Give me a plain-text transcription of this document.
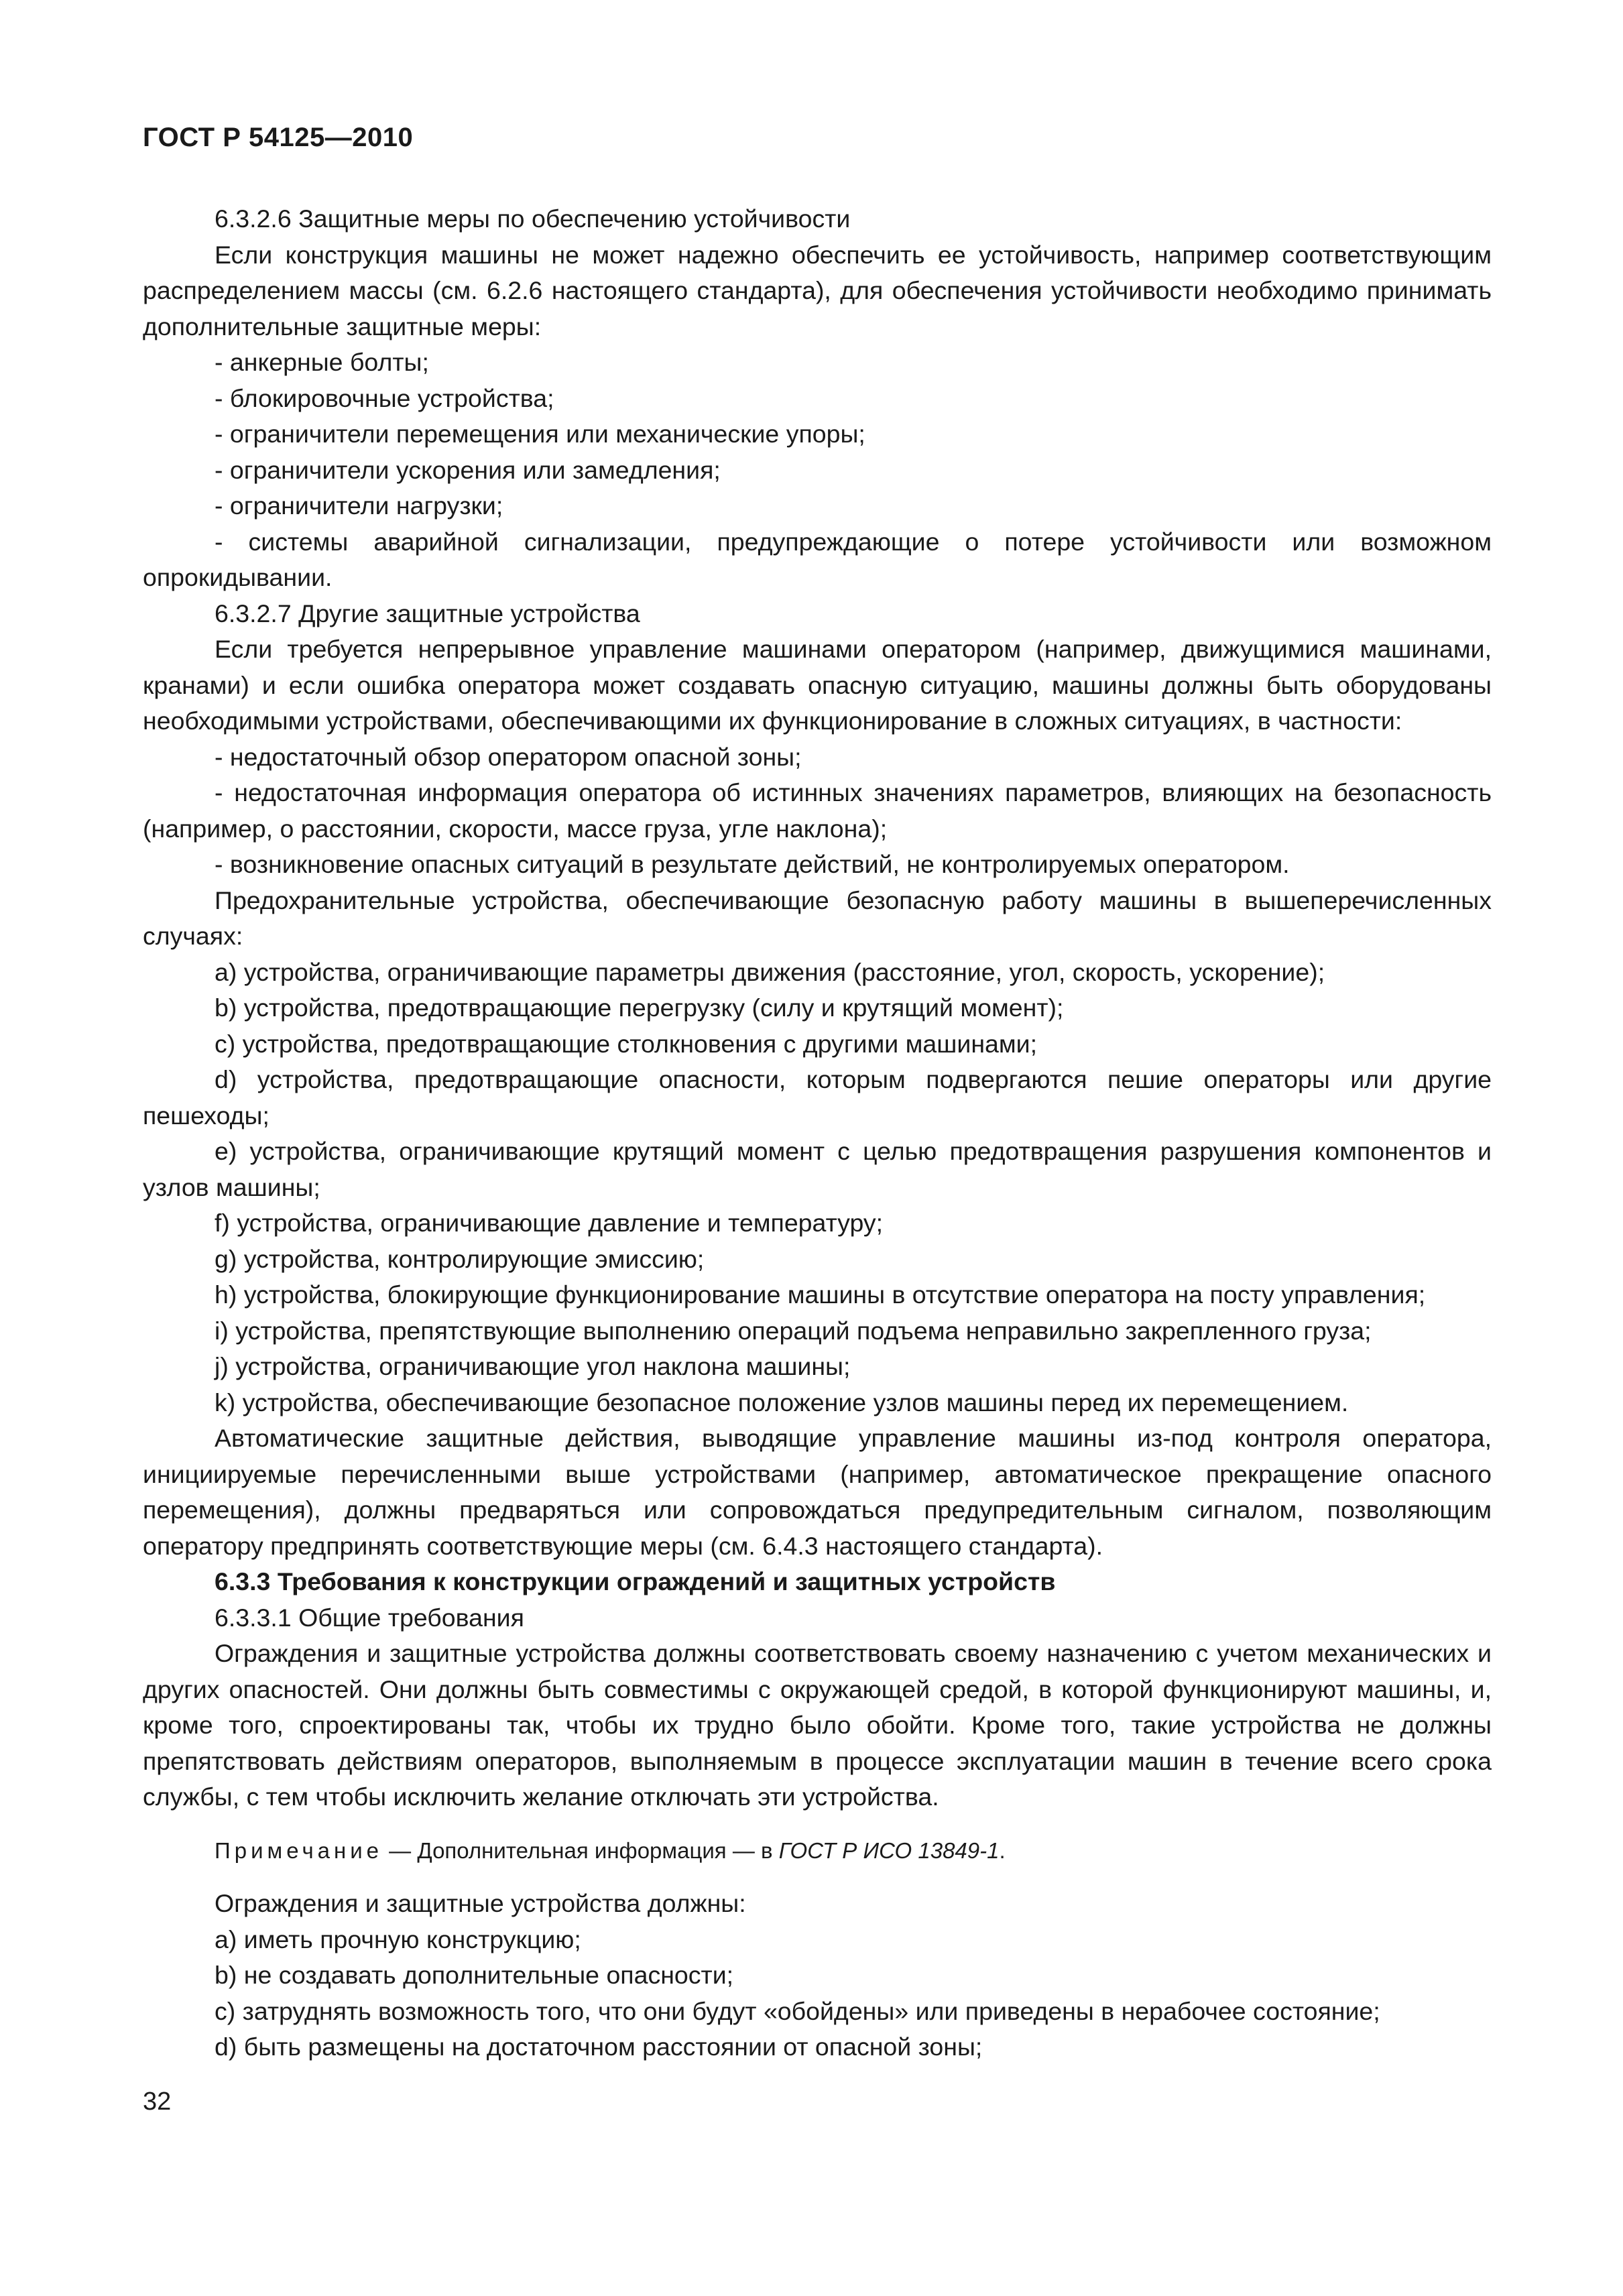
ГОСТ Р 54125—2010

6.3.2.6 Защитные меры по обеспечению устойчивости

Если конструкция машины не может надежно обеспечить ее устойчивость, например соответствующим распределением массы (см. 6.2.6 настоящего стандарта), для обеспечения устойчивости необходимо принимать дополнительные защитные меры:

- анкерные болты;

- блокировочные устройства;

- ограничители перемещения или механические упоры;

- ограничители ускорения или замедления;

- ограничители нагрузки;

- системы аварийной сигнализации, предупреждающие о потере устойчивости или возможном опрокидывании.

6.3.2.7 Другие защитные устройства

Если требуется непрерывное управление машинами оператором (например, движущимися машинами, кранами) и если ошибка оператора может создавать опасную ситуацию, машины должны быть оборудованы необходимыми устройствами, обеспечивающими их функционирование в сложных ситуациях, в частности:

- недостаточный обзор оператором опасной зоны;

- недостаточная информация оператора об истинных значениях параметров, влияющих на безопасность (например, о расстоянии, скорости, массе груза, угле наклона);

- возникновение опасных ситуаций в результате действий, не контролируемых оператором.

Предохранительные устройства, обеспечивающие безопасную работу машины в вышеперечисленных случаях:

a) устройства, ограничивающие параметры движения (расстояние, угол, скорость, ускорение);

b) устройства, предотвращающие перегрузку (силу и крутящий момент);

c) устройства, предотвращающие столкновения с другими машинами;

d) устройства, предотвращающие опасности, которым подвергаются пешие операторы или другие пешеходы;

e) устройства, ограничивающие крутящий момент с целью предотвращения разрушения компонентов и узлов машины;

f) устройства, ограничивающие давление и температуру;

g) устройства, контролирующие эмиссию;

h) устройства, блокирующие функционирование машины в отсутствие оператора на посту управления;

i) устройства, препятствующие выполнению операций подъема неправильно закрепленного груза;

j) устройства, ограничивающие угол наклона машины;

k) устройства, обеспечивающие безопасное положение узлов машины перед их перемещением.

Автоматические защитные действия, выводящие управление машины из-под контроля оператора, инициируемые перечисленными выше устройствами (например, автоматическое прекращение опасного перемещения), должны предваряться или сопровождаться предупредительным сигналом, позволяющим оператору предпринять соответствующие меры (см. 6.4.3 настоящего стандарта).

6.3.3 Требования к конструкции ограждений и защитных устройств

6.3.3.1 Общие требования

Ограждения и защитные устройства должны соответствовать своему назначению с учетом механических и других опасностей. Они должны быть совместимы с окружающей средой, в которой функционируют машины, и, кроме того, спроектированы так, чтобы их трудно было обойти. Кроме того, такие устройства не должны препятствовать действиям операторов, выполняемым в процессе эксплуатации машин в течение всего срока службы, с тем чтобы исключить желание отключать эти устройства.

Примечание — Дополнительная информация — в ГОСТ Р ИСО 13849-1.

Ограждения и защитные устройства должны:

a) иметь прочную конструкцию;

b) не создавать дополнительные опасности;

c) затруднять возможность того, что они будут «обойдены» или приведены в нерабочее состояние;

d) быть размещены на достаточном расстоянии от опасной зоны;

32
